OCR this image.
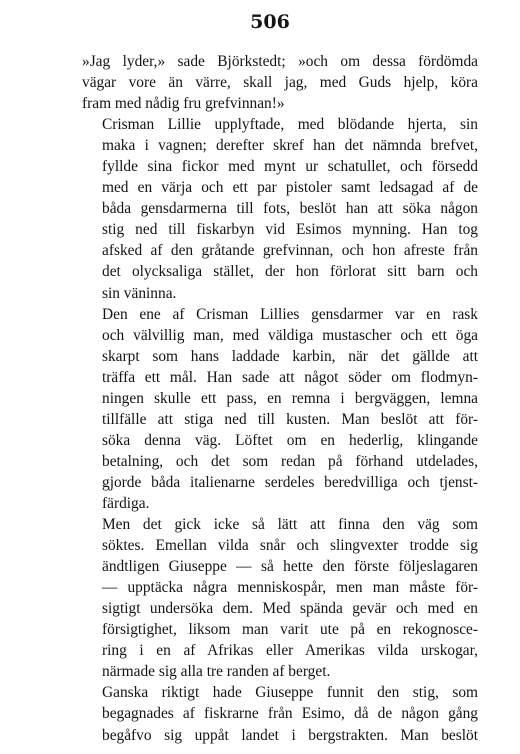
506

»Jag lyder,» sade Björkstedt; »och om dessa fördömda
vägar vore än värre, skall jag, med Guds hjelp, köra
fram med nådig fru grefvinnan!»

Crisman Lillie upplyftade, med blödande hjerta, sin
maka i vagnen; derefter skref han det nämnda brefvet,
fyllde sina fickor med mynt ur schatullet, och försedd
med en värja och ett par pistoler samt ledsagad af de
båda gensdarmerna till fots, beslöt han att söka någon
stig ned till fiskarbyn vid Esimos mynning. Han tog
afsked af den gråtande grefvinnan, och hon afreste från
det olycksaliga stället, der hon förlorat sitt barn och
sin väninna.

Den ene af Crisman Lillies gensdarmer var en rask
och välvillig man, med väldiga mustascher och ett öga
skarpt som hans laddade karbin, när det gällde att
träffa ett mål. Han sade att något söder om flodmyn-
ningen skulle ett pass, en remna i bergväggen, lemna
tillfälle att stiga ned till kusten. Man beslöt att för-
söka denna väg. Löftet om en hederlig, klingande
betalning, och det som redan på förhand utdelades,
gjorde båda italienarne serdeles beredvilliga och tjenst-
färdiga.

Men det gick icke så lätt att finna den väg som
söktes. Emellan vilda snår och slingvexter trodde sig
ändtligen Giuseppe — så hette den förste följeslagaren
— upptäcka några menniskospår, men man måste för-
sigtigt undersöka dem. Med spända gevär och med en
försigtighet, liksom man varit ute på en rekognosce-
ring i en af Afrikas eller Amerikas vilda urskogar,
närmade sig alla tre randen af berget.

Ganska riktigt hade Giuseppe funnit den stig, som
begagnades af fiskrarne från Esimo, då de någon gång
begåfvo sig uppåt landet i bergstrakten. Man beslöt
